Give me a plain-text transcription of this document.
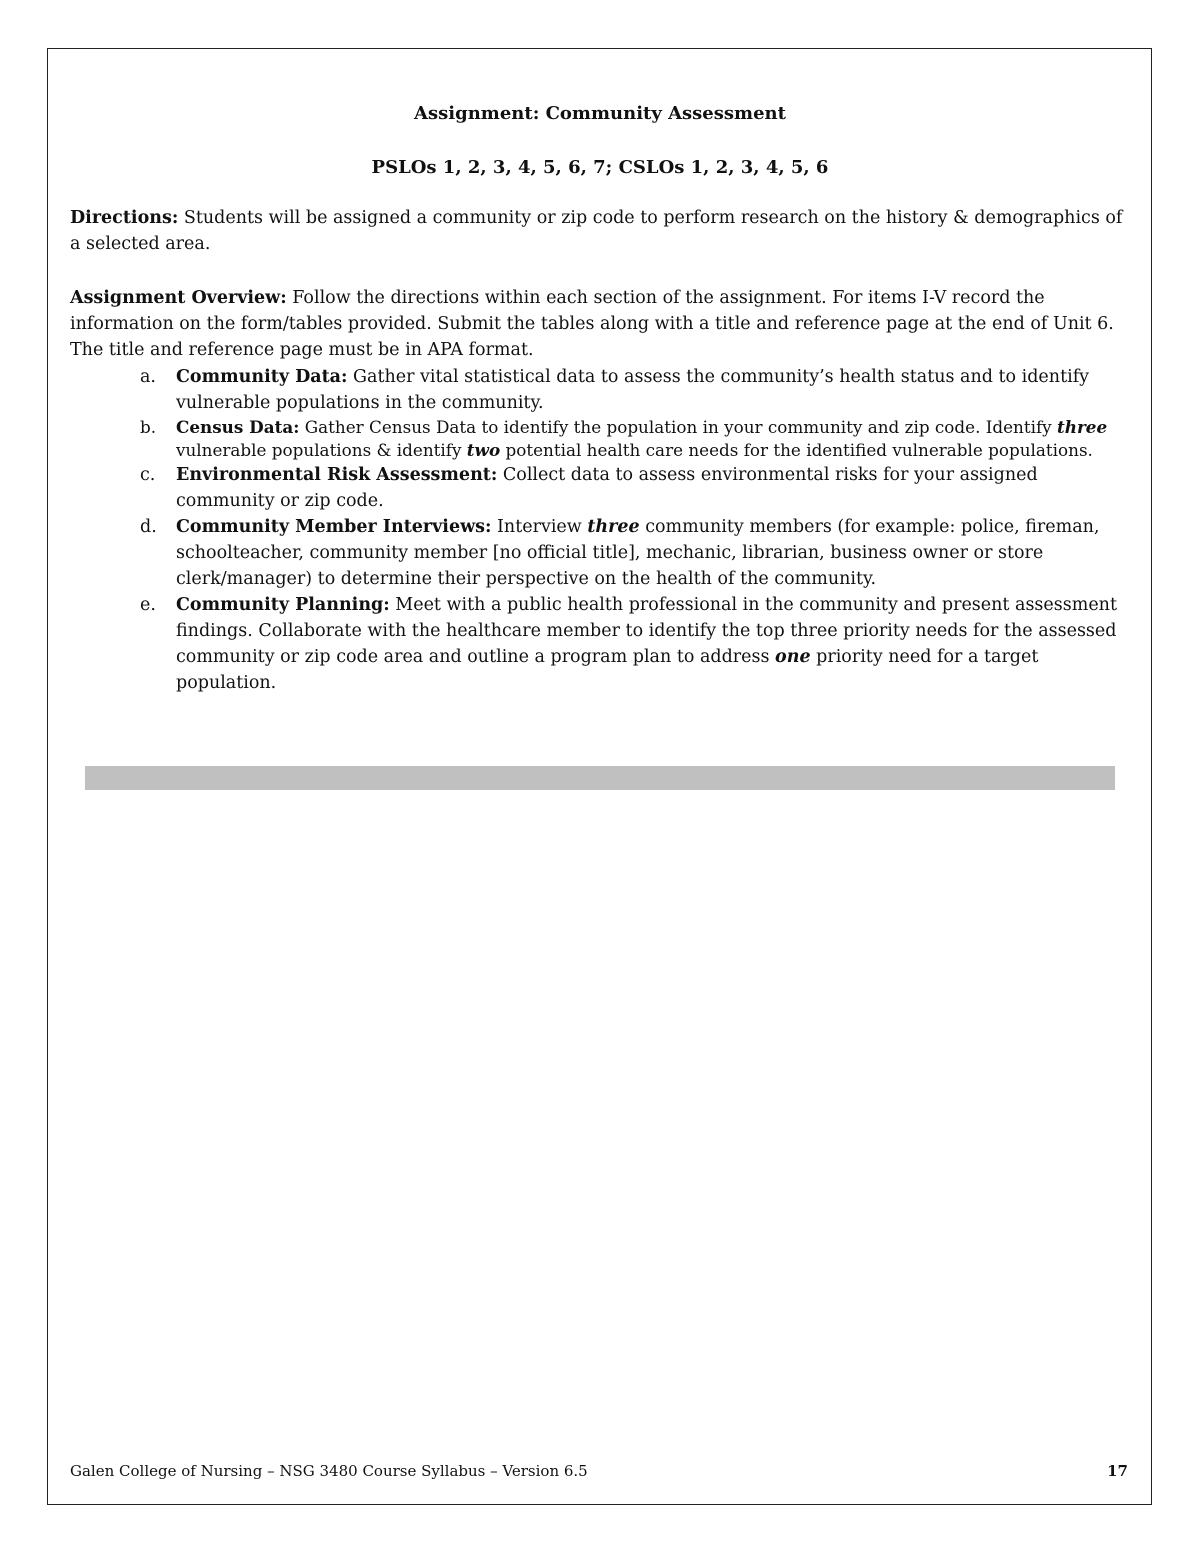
Assignment: Community Assessment
PSLOs 1, 2, 3, 4, 5, 6, 7; CSLOs 1, 2, 3, 4, 5, 6
Directions: Students will be assigned a community or zip code to perform research on the history & demographics of a selected area.
Assignment Overview: Follow the directions within each section of the assignment. For items I-V record the information on the form/tables provided. Submit the tables along with a title and reference page at the end of Unit 6. The title and reference page must be in APA format.
a. Community Data: Gather vital statistical data to assess the community’s health status and to identify vulnerable populations in the community.
b. Census Data: Gather Census Data to identify the population in your community and zip code. Identify three vulnerable populations & identify two potential health care needs for the identified vulnerable populations.
c. Environmental Risk Assessment: Collect data to assess environmental risks for your assigned community or zip code.
d. Community Member Interviews: Interview three community members (for example: police, fireman, schoolteacher, community member [no official title], mechanic, librarian, business owner or store clerk/manager) to determine their perspective on the health of the community.
e. Community Planning: Meet with a public health professional in the community and present assessment findings. Collaborate with the healthcare member to identify the top three priority needs for the assessed community or zip code area and outline a program plan to address one priority need for a target population.
Galen College of Nursing – NSG 3480 Course Syllabus – Version 6.5	17
